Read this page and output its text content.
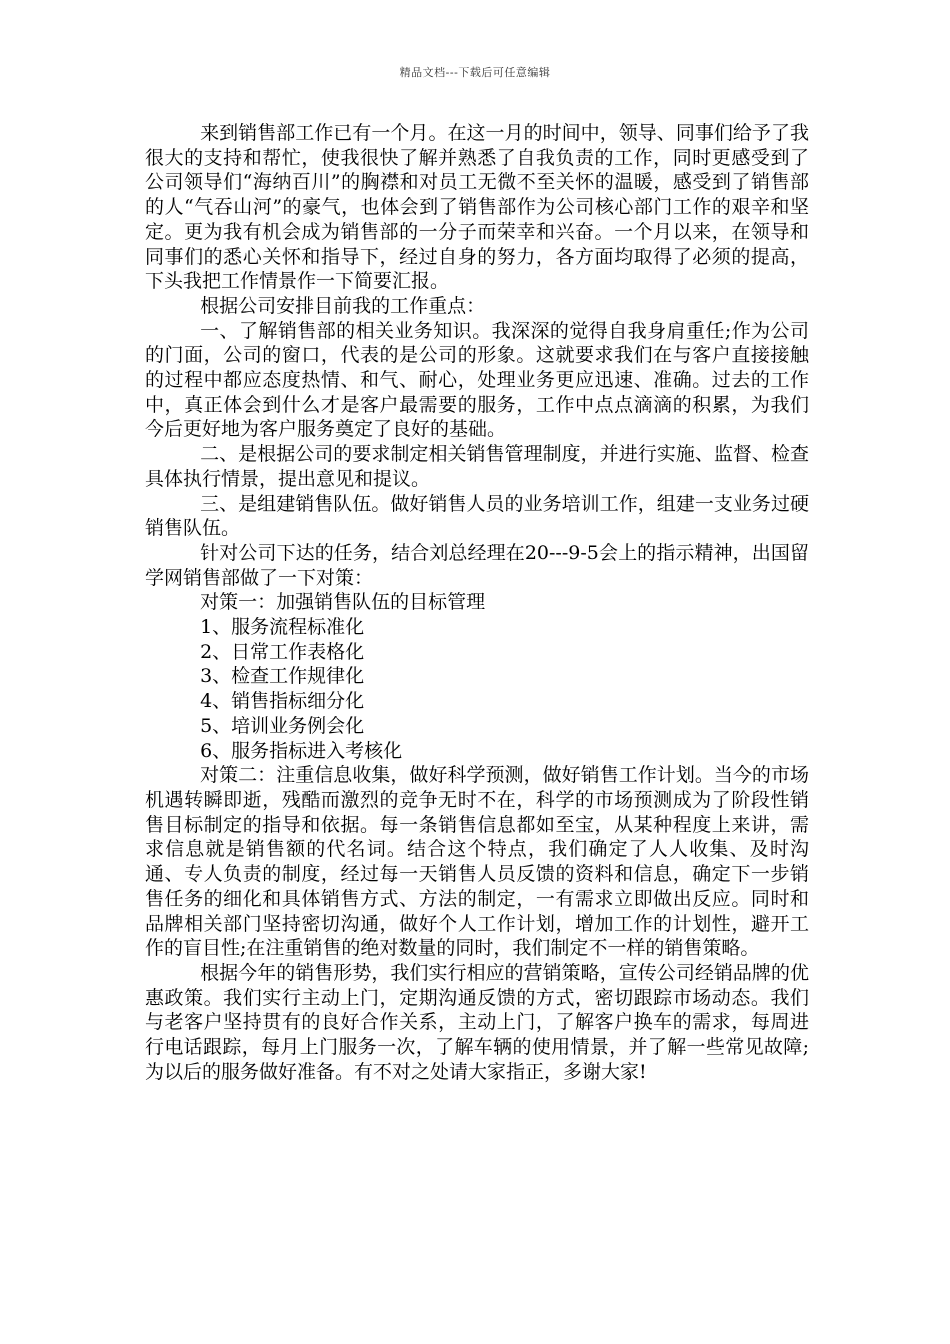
精品文档---下载后可任意编辑

来到销售部工作已有一个月。在这一月的时间中，领导、同事们给予了我很大的支持和帮忙，使我很快了解并熟悉了自我负责的工作，同时更感受到了公司领导们“海纳百川”的胸襟和对员工无微不至关怀的温暖，感受到了销售部的人“气吞山河”的豪气，也体会到了销售部作为公司核心部门工作的艰辛和坚定。更为我有机会成为销售部的一分子而荣幸和兴奋。一个月以来，在领导和同事们的悉心关怀和指导下，经过自身的努力，各方面均取得了必须的提高，下头我把工作情景作一下简要汇报。

根据公司安排目前我的工作重点：

一、了解销售部的相关业务知识。我深深的觉得自我身肩重任;作为公司的门面，公司的窗口，代表的是公司的形象。这就要求我们在与客户直接接触的过程中都应态度热情、和气、耐心，处理业务更应迅速、准确。过去的工作中，真正体会到什么才是客户最需要的服务，工作中点点滴滴的积累，为我们今后更好地为客户服务奠定了良好的基础。

二、是根据公司的要求制定相关销售管理制度，并进行实施、监督、检查具体执行情景，提出意见和提议。

三、是组建销售队伍。做好销售人员的业务培训工作，组建一支业务过硬销售队伍。

针对公司下达的任务，结合刘总经理在20---9-5会上的指示精神，出国留学网销售部做了一下对策：

对策一：加强销售队伍的目标管理

1、服务流程标准化

2、日常工作表格化

3、检查工作规律化

4、销售指标细分化

5、培训业务例会化

6、服务指标进入考核化

对策二：注重信息收集，做好科学预测，做好销售工作计划。当今的市场机遇转瞬即逝，残酷而激烈的竞争无时不在，科学的市场预测成为了阶段性销售目标制定的指导和依据。每一条销售信息都如至宝，从某种程度上来讲，需求信息就是销售额的代名词。结合这个特点，我们确定了人人收集、及时沟通、专人负责的制度，经过每一天销售人员反馈的资料和信息，确定下一步销售任务的细化和具体销售方式、方法的制定，一有需求立即做出反应。同时和品牌相关部门坚持密切沟通，做好个人工作计划，增加工作的计划性，避开工作的盲目性;在注重销售的绝对数量的同时，我们制定不一样的销售策略。

根据今年的销售形势，我们实行相应的营销策略，宣传公司经销品牌的优惠政策。我们实行主动上门，定期沟通反馈的方式，密切跟踪市场动态。我们与老客户坚持贯有的良好合作关系，主动上门，了解客户换车的需求，每周进行电话跟踪，每月上门服务一次，了解车辆的使用情景，并了解一些常见故障;为以后的服务做好准备。有不对之处请大家指正，多谢大家!
